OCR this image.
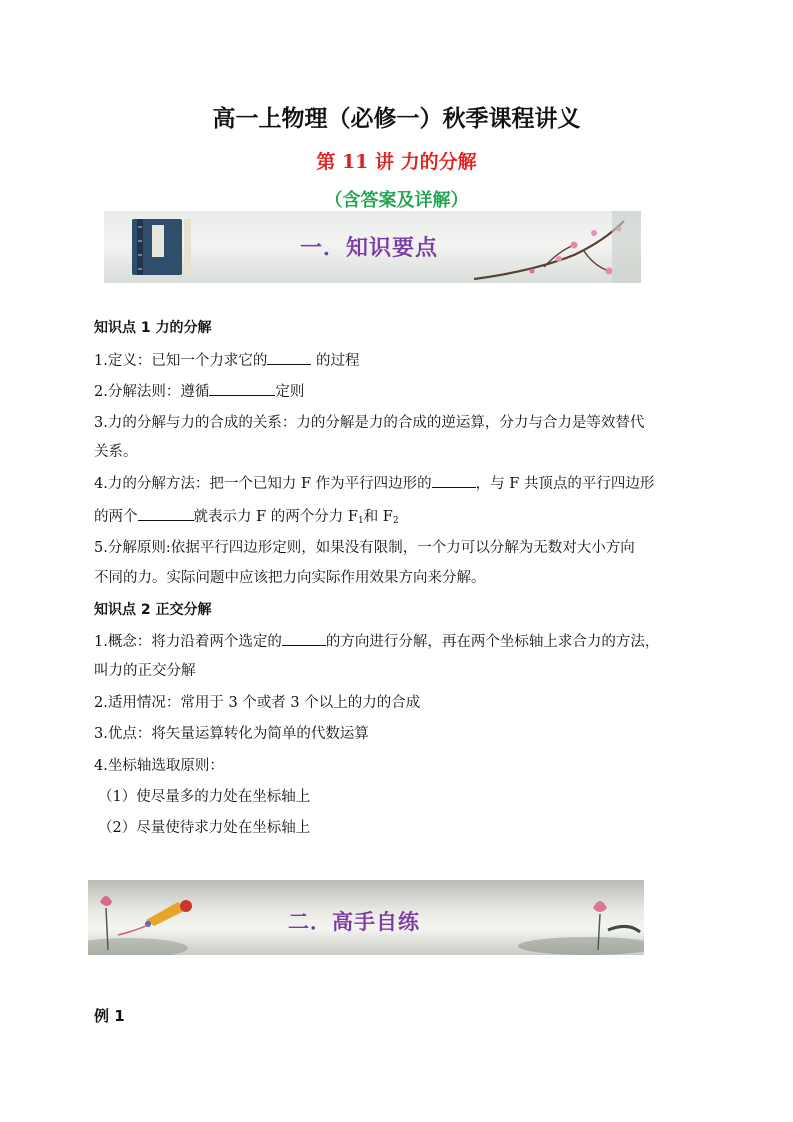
高一上物理（必修一）秋季课程讲义
第 11 讲 力的分解
（含答案及详解）
一．知识要点
知识点 1 力的分解
1.定义：已知一个力求它的	的过程
2.分解法则：遵循	定则
3.力的分解与力的合成的关系：力的分解是力的合成的逆运算，分力与合力是等效替代
关系。
4.力的分解方法：把一个已知力 F 作为平行四边形的	，与 F 共顶点的平行四边形
的两个	就表示力 F 的两个分力 $F_1$和 $F_2$
5.分解原则:依据平行四边形定则，如果没有限制，一个力可以分解为无数对大小方向
不同的力。实际问题中应该把力向实际作用效果方向来分解。
知识点 2 正交分解
1.概念：将力沿着两个选定的	的方向进行分解，再在两个坐标轴上求合力的方法，
叫力的正交分解
2.适用情况：常用于 3 个或者 3 个以上的力的合成
3.优点：将矢量运算转化为简单的代数运算
4.坐标轴选取原则：
（1）使尽量多的力处在坐标轴上
（2）尽量使待求力处在坐标轴上
二．高手自练
例 1
